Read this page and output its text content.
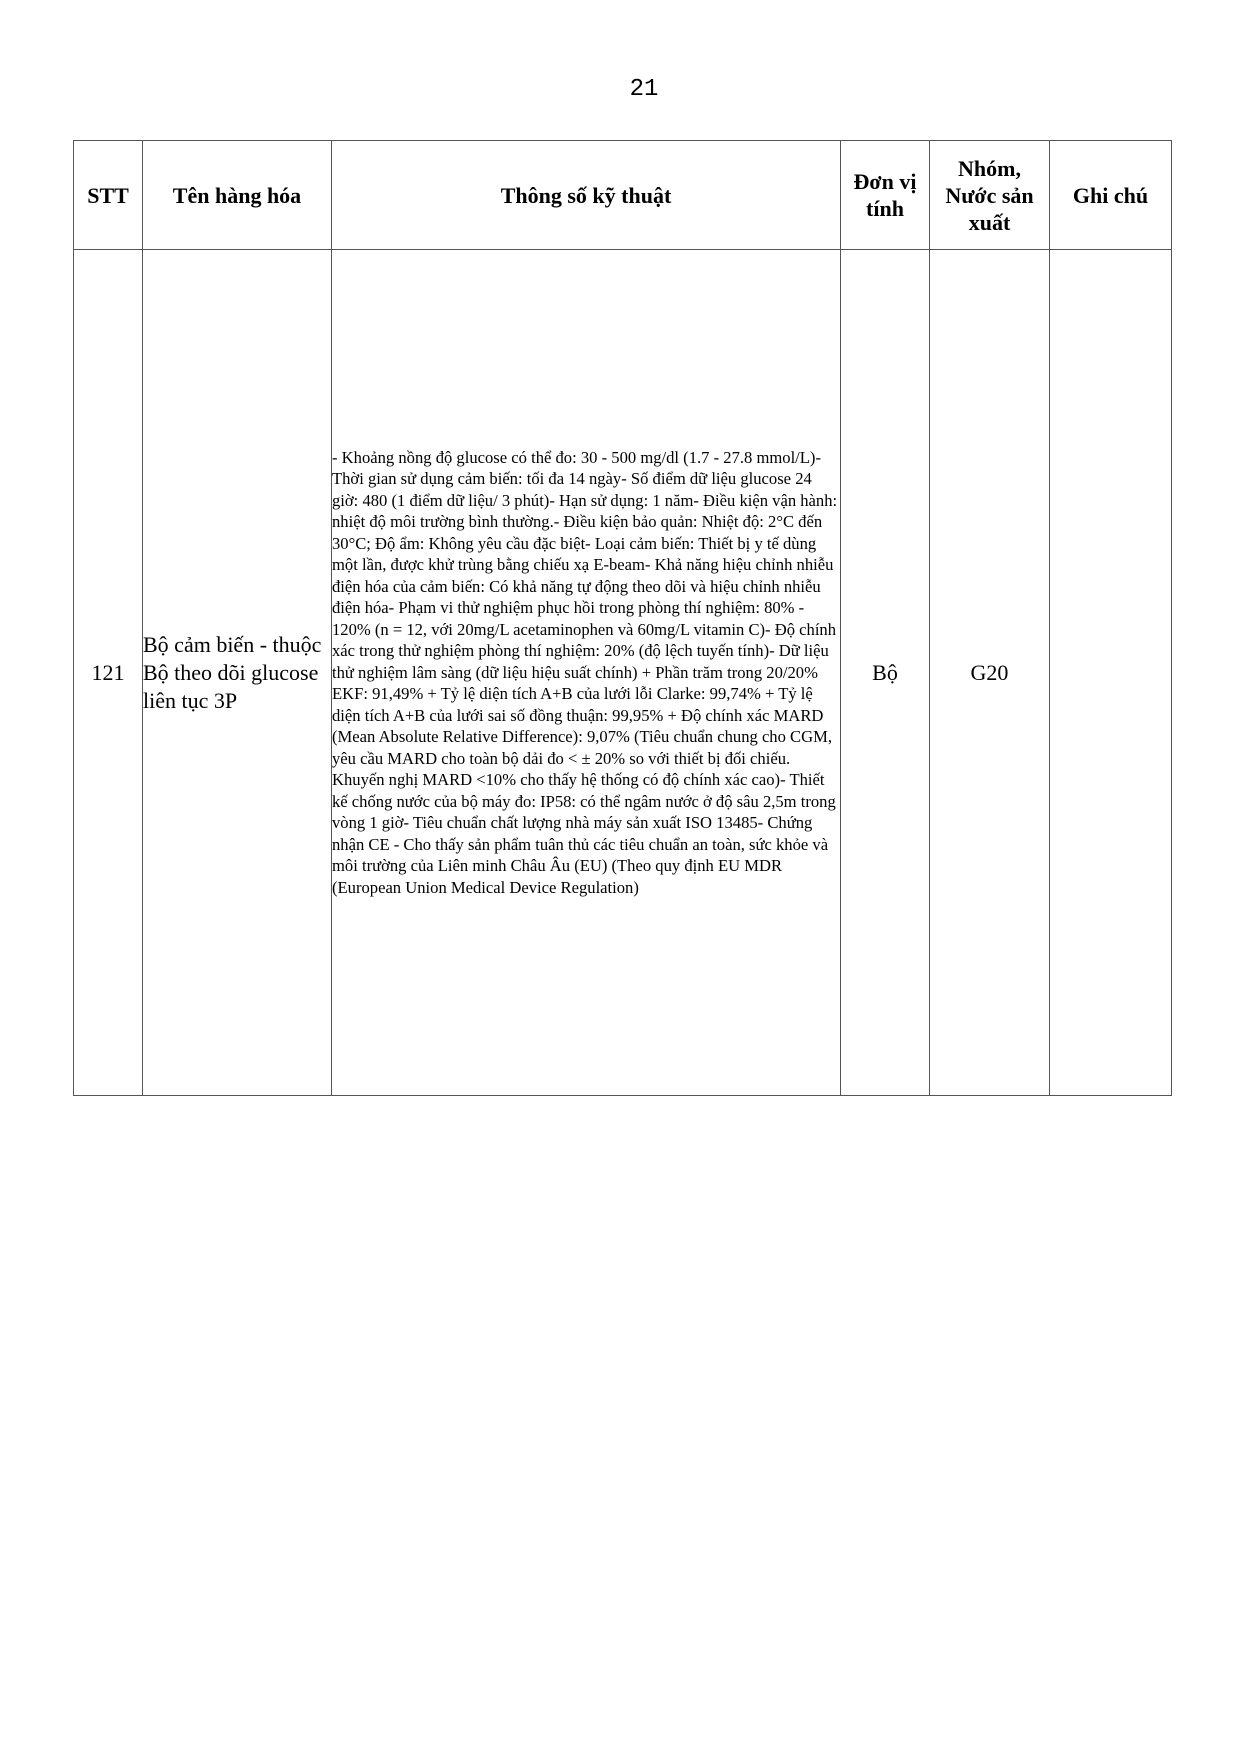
21
STT	Tên hàng hóa	Thông số kỹ thuật	Đơn vị tính	Nhóm, Nước sản xuất	Ghi chú
121	Bộ cảm biến - thuộc Bộ theo dõi glucose liên tục 3P	- Khoảng nồng độ glucose có thể đo: 30 - 500 mg/dl (1.7 - 27.8 mmol/L)- Thời gian sử dụng cảm biến: tối đa 14 ngày- Số điểm dữ liệu glucose 24 giờ: 480 (1 điểm dữ liệu/ 3 phút)- Hạn sử dụng: 1 năm- Điều kiện vận hành: nhiệt độ môi trường bình thường.- Điều kiện bảo quản: Nhiệt độ: 2°C đến 30°C; Độ ẩm: Không yêu cầu đặc biệt- Loại cảm biến: Thiết bị y tế dùng một lần, được khử trùng bằng chiếu xạ E-beam- Khả năng hiệu chỉnh nhiễu điện hóa của cảm biến: Có khả năng tự động theo dõi và hiệu chỉnh nhiễu điện hóa- Phạm vi thử nghiệm phục hồi trong phòng thí nghiệm: 80% - 120% (n = 12, với 20mg/L acetaminophen và 60mg/L vitamin C)- Độ chính xác trong thử nghiệm phòng thí nghiệm: 20% (độ lệch tuyến tính)- Dữ liệu thử nghiệm lâm sàng (dữ liệu hiệu suất chính) + Phần trăm trong 20/20% EKF: 91,49% + Tỷ lệ diện tích A+B của lưới lỗi Clarke: 99,74% + Tỷ lệ diện tích A+B của lưới sai số đồng thuận: 99,95% + Độ chính xác MARD (Mean Absolute Relative Difference): 9,07% (Tiêu chuẩn chung cho CGM, yêu cầu MARD cho toàn bộ dải đo < ± 20% so với thiết bị đối chiếu. Khuyến nghị MARD <10% cho thấy hệ thống có độ chính xác cao)- Thiết kế chống nước của bộ máy đo: IP58: có thể ngâm nước ở độ sâu 2,5m trong vòng 1 giờ- Tiêu chuẩn chất lượng nhà máy sản xuất ISO 13485- Chứng nhận CE - Cho thấy sản phẩm tuân thủ các tiêu chuẩn an toàn, sức khỏe và môi trường của Liên minh Châu Âu (EU) (Theo quy định EU MDR (European Union Medical Device Regulation)	Bộ	G20	
